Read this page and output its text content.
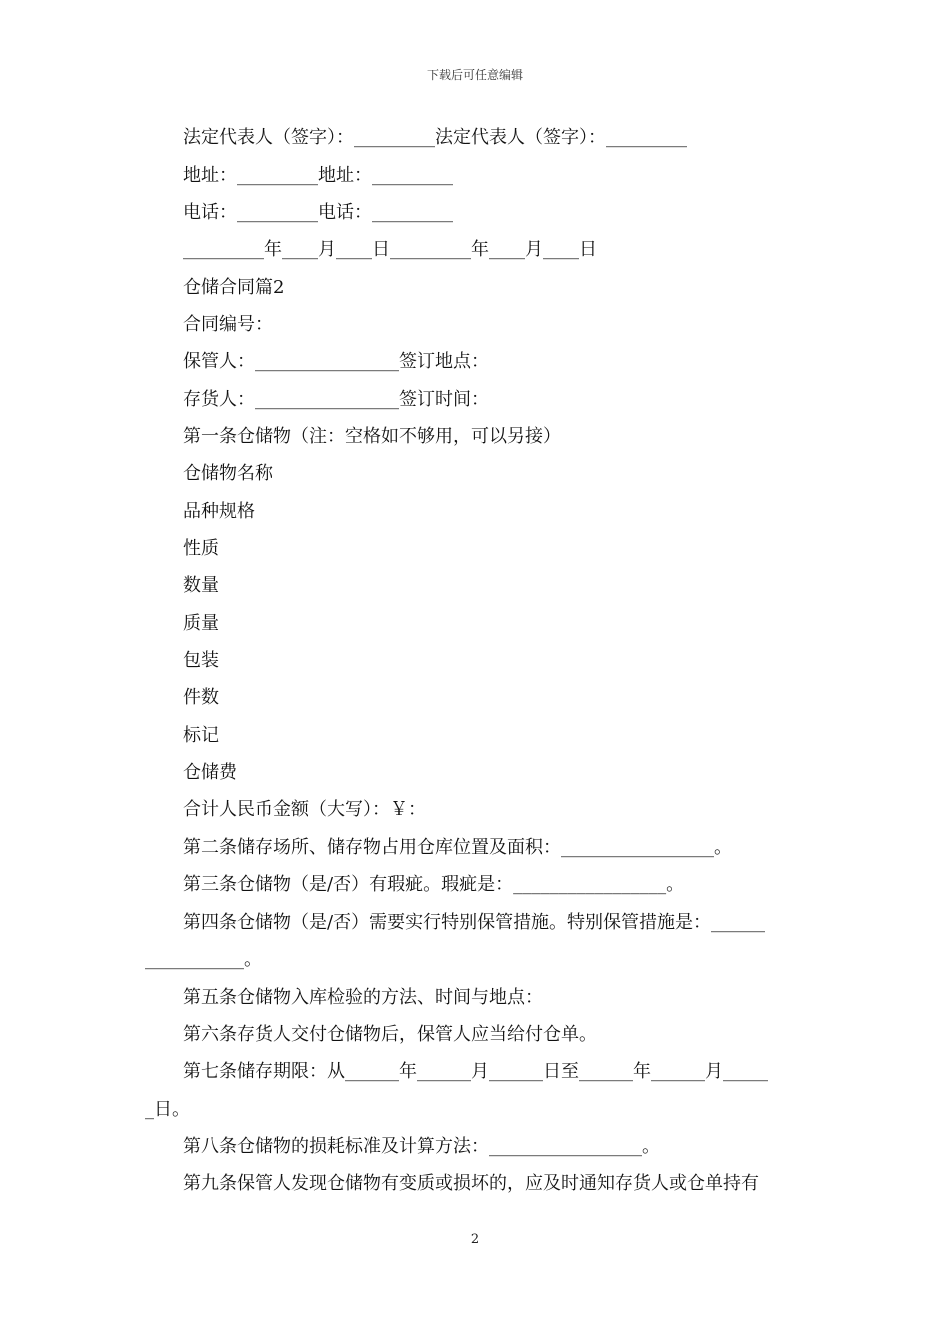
下载后可任意编辑
法定代表人（签字）：_________法定代表人（签字）：_________
地址：_________地址：_________
电话：_________电话：_________
_________年____月____日_________年____月____日
仓储合同篇2
合同编号：
保管人：________________签订地点：
存货人：________________签订时间：
第一条仓储物（注：空格如不够用，可以另接）
仓储物名称
品种规格
性质
数量
质量
包装
件数
标记
仓储费
合计人民币金额（大写）：￥：
第二条储存场所、储存物占用仓库位置及面积：_________________。
第三条仓储物（是/否）有瑕疵。瑕疵是：_________________。
第四条仓储物（是/否）需要实行特别保管措施。特别保管措施是：______
___________。
第五条仓储物入库检验的方法、时间与地点：
第六条存货人交付仓储物后，保管人应当给付仓单。
第七条储存期限：从______年______月______日至______年______月_____
_日。
第八条仓储物的损耗标准及计算方法：_________________。
第九条保管人发现仓储物有变质或损坏的，应及时通知存货人或仓单持有
2
